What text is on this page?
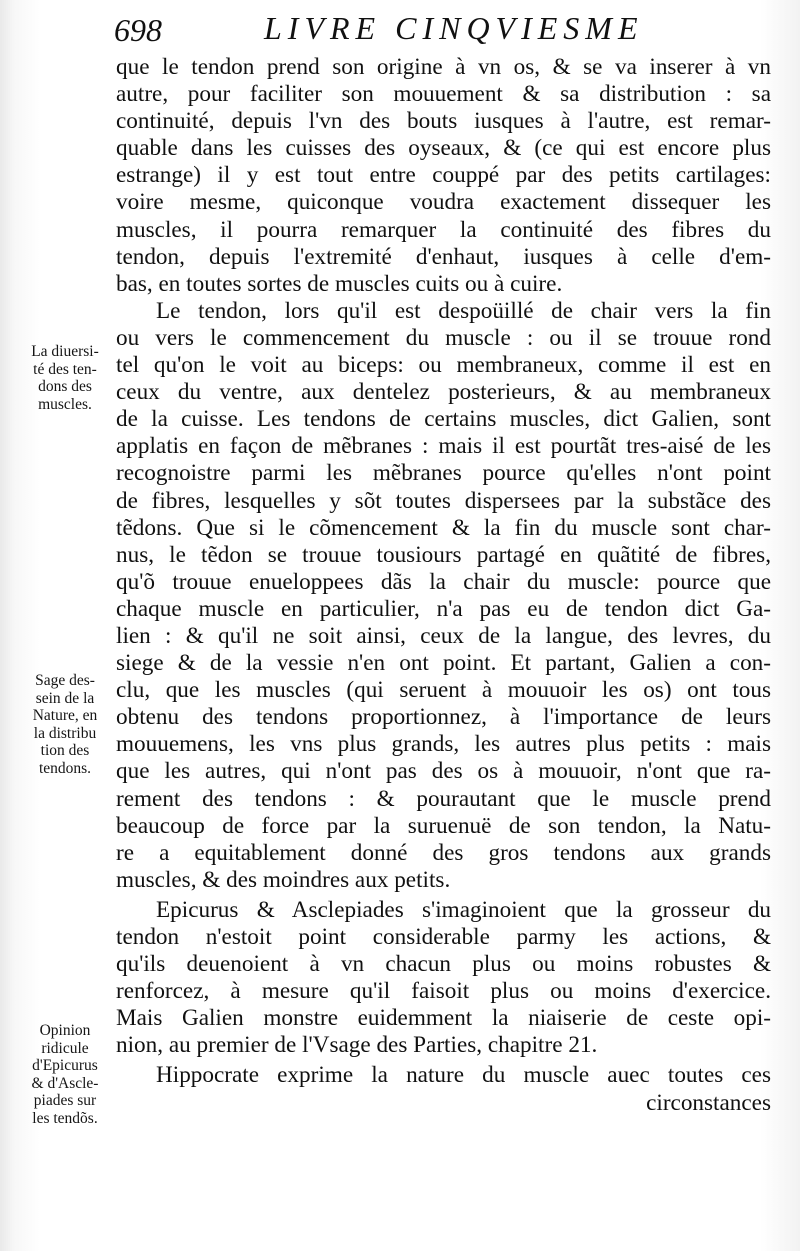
698	LIVRE CINQVIESME
La diuersi-
té des ten-
dons des
muscles.
Sage des-
sein de la
Nature, en
la distribu
tion des
tendons.
Opinion
ridicule
d'Epicurus
& d'Ascle-
piades sur
les tendõs.

que le tendon prend son origine à vn os, & se va inserer à vn
autre, pour faciliter son mouuement & sa distribution : sa
continuité, depuis l'vn des bouts iusques à l'autre, est remar-
quable dans les cuisses des oyseaux, & (ce qui est encore plus
estrange) il y est tout entre couppé par des petits cartilages:
voire mesme, quiconque voudra exactement dissequer les
muscles, il pourra remarquer la continuité des fibres du
tendon, depuis l'extremité d'enhaut, iusques à celle d'em-
bas, en toutes sortes de muscles cuits ou à cuire.

Le tendon, lors qu'il est despoüillé de chair vers la fin
ou vers le commencement du muscle : ou il se trouue rond
tel qu'on le voit au biceps: ou membraneux, comme il est en
ceux du ventre, aux dentelez posterieurs, & au membraneux
de la cuisse. Les tendons de certains muscles, dict Galien, sont
applatis en façon de mẽbranes : mais il est pourtãt tres-aisé de les
recognoistre parmi les mẽbranes pource qu'elles n'ont point
de fibres, lesquelles y sõt toutes dispersees par la substãce des
tẽdons. Que si le cõmencement & la fin du muscle sont char-
nus, le tẽdon se trouue tousiours partagé en quãtité de fibres,
qu'õ trouue enueloppees dãs la chair du muscle: pource que
chaque muscle en particulier, n'a pas eu de tendon dict Ga-
lien : & qu'il ne soit ainsi, ceux de la langue, des levres, du
siege & de la vessie n'en ont point. Et partant, Galien a con-
clu, que les muscles (qui seruent à mouuoir les os) ont tous
obtenu des tendons proportionnez, à l'importance de leurs
mouuemens, les vns plus grands, les autres plus petits : mais
que les autres, qui n'ont pas des os à mouuoir, n'ont que ra-
rement des tendons : & pourautant que le muscle prend
beaucoup de force par la suruenuë de son tendon, la Natu-
re a equitablement donné des gros tendons aux grands
muscles, & des moindres aux petits.

Epicurus & Asclepiades s'imaginoient que la grosseur du
tendon n'estoit point considerable parmy les actions, &
qu'ils deuenoient à vn chacun plus ou moins robustes &
renforcez, à mesure qu'il faisoit plus ou moins d'exercice.
Mais Galien monstre euidemment la niaiserie de ceste opi-
nion, au premier de l'Vsage des Parties, chapitre 21.

Hippocrate exprime la nature du muscle auec toutes ces

circonstances
